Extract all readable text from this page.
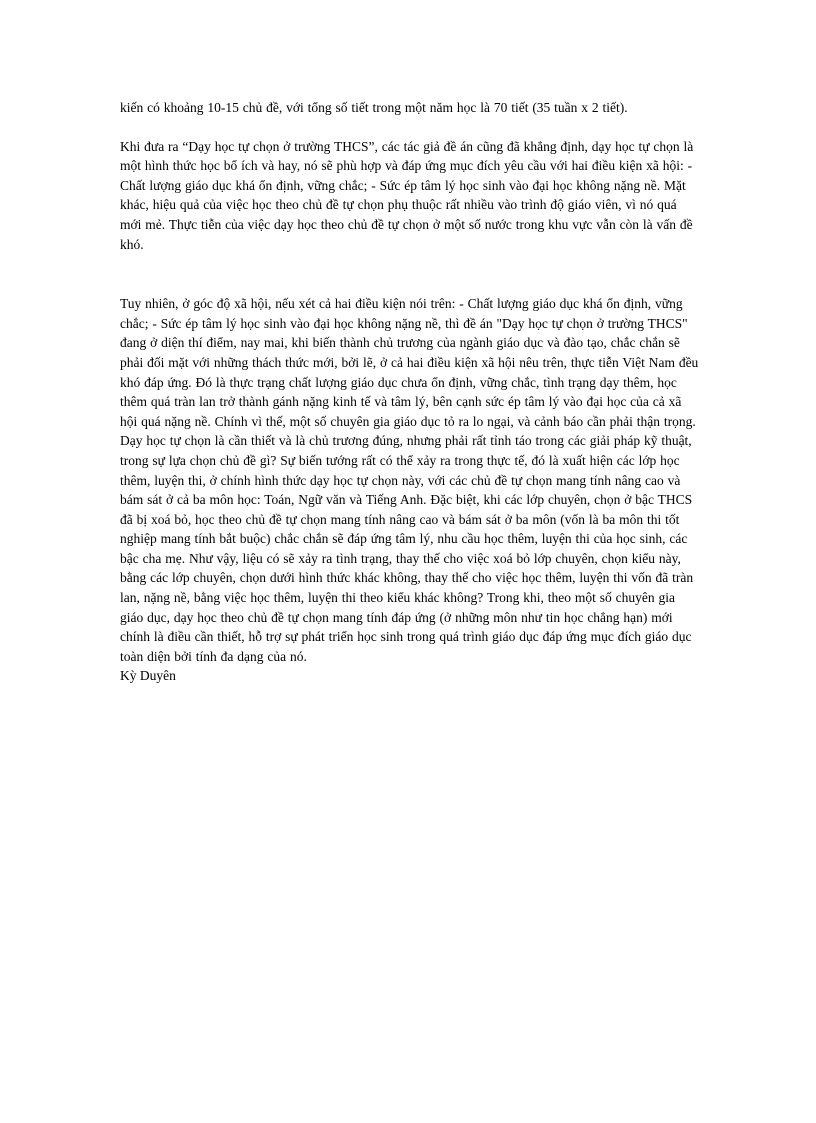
kiến có khoảng 10-15 chủ đề, với tổng số tiết trong một năm học là 70 tiết (35 tuần x 2 tiết).

Khi đưa ra “Dạy học tự chọn ở trường THCS”, các tác giả đề án cũng đã khẳng định, dạy học tự chọn là một hình thức học bổ ích và hay, nó sẽ phù hợp và đáp ứng mục đích yêu cầu với hai điều kiện xã hội: - Chất lượng giáo dục khá ổn định, vững chắc; - Sức ép tâm lý học sinh vào đại học không nặng nề. Mặt khác, hiệu quả của việc học theo chủ đề tự chọn phụ thuộc rất nhiều vào trình độ giáo viên, vì nó quá mới mẻ. Thực tiễn của việc dạy học theo chủ đề tự chọn ở một số nước trong khu vực vẫn còn là vấn đề khó.

Tuy nhiên, ở góc độ xã hội, nếu xét cả hai điều kiện nói trên: - Chất lượng giáo dục khá ổn định, vững chắc; - Sức ép tâm lý học sinh vào đại học không nặng nề, thì đề án "Dạy học tự chọn ở trường THCS" đang ở diện thí điểm, nay mai, khi biến thành chủ trương của ngành giáo dục và đào tạo, chắc chắn sẽ phải đối mặt với những thách thức mới, bởi lẽ, ở cả hai điều kiện xã hội nêu trên, thực tiễn Việt Nam đều khó đáp ứng. Đó là thực trạng chất lượng giáo dục chưa ổn định, vững chắc, tình trạng dạy thêm, học thêm quá tràn lan trở thành gánh nặng kinh tế và tâm lý, bên cạnh sức ép tâm lý vào đại học của cả xã hội quá nặng nề. Chính vì thế, một số chuyên gia giáo dục tỏ ra lo ngại, và cảnh báo cần phải thận trọng. Dạy học tự chọn là cần thiết và là chủ trương đúng, nhưng phải rất tỉnh táo trong các giải pháp kỹ thuật, trong sự lựa chọn chủ đề gì? Sự biến tướng rất có thể xảy ra trong thực tế, đó là xuất hiện các lớp học thêm, luyện thi, ở chính hình thức dạy học tự chọn này, với các chủ đề tự chọn mang tính nâng cao và bám sát ở cả ba môn học: Toán, Ngữ văn và Tiếng Anh. Đặc biệt, khi các lớp chuyên, chọn ở bậc THCS đã bị xoá bỏ, học theo chủ đề tự chọn mang tính nâng cao và bám sát ở ba môn (vốn là ba môn thi tốt nghiệp mang tính bắt buộc) chắc chắn sẽ đáp ứng tâm lý, nhu cầu học thêm, luyện thi của học sinh, các bậc cha mẹ. Như vậy, liệu có sẽ xảy ra tình trạng, thay thế cho việc xoá bỏ lớp chuyên, chọn kiểu này, bằng các lớp chuyên, chọn dưới hình thức khác không, thay thế cho việc học thêm, luyện thi vốn đã tràn lan, nặng nề, bằng việc học thêm, luyện thi theo kiểu khác không? Trong khi, theo một số chuyên gia giáo dục, dạy học theo chủ đề tự chọn mang tính đáp ứng (ở những môn như tin học chẳng hạn) mới chính là điều cần thiết, hỗ trợ sự phát triển học sinh trong quá trình giáo dục đáp ứng mục đích giáo dục toàn diện bởi tính đa dạng của nó.

Kỳ Duyên
